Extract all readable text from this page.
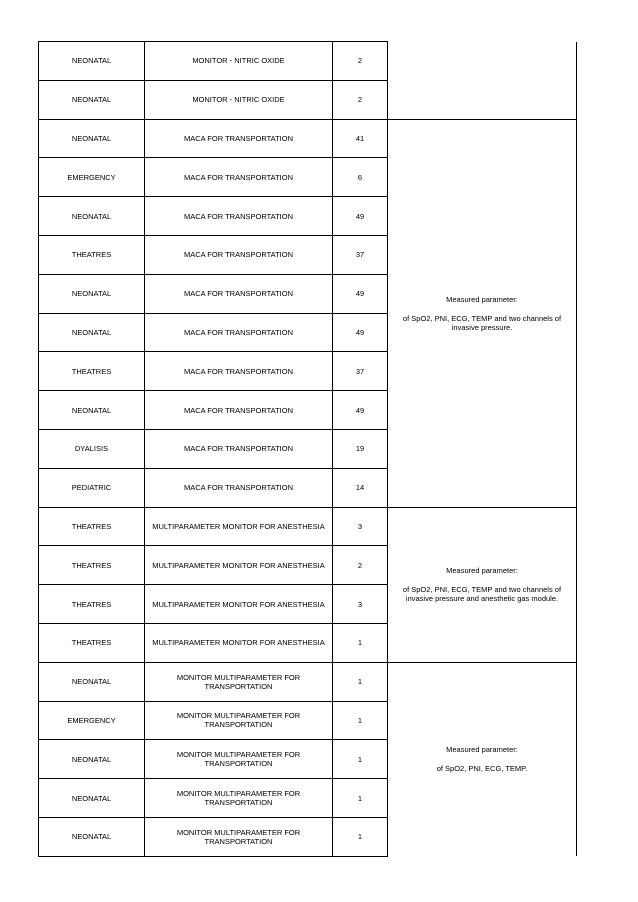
NEONATAL	MONITOR - NITRIC OXIDE	2	
NEONATAL	MONITOR - NITRIC OXIDE	2	
NEONATAL	MACA FOR TRANSPORTATION	41	Measured parameter:
of SpO2, PNI, ECG, TEMP and two channels of invasive pressure.

EMERGENCY	MACA FOR TRANSPORTATION	6	
NEONATAL	MACA FOR TRANSPORTATION	49	
THEATRES	MACA FOR TRANSPORTATION	37	
NEONATAL	MACA FOR TRANSPORTATION	49	
NEONATAL	MACA FOR TRANSPORTATION	49	
THEATRES	MACA FOR TRANSPORTATION	37	
NEONATAL	MACA FOR TRANSPORTATION	49	
DYALISIS	MACA FOR TRANSPORTATION	19	
PEDIATRIC	MACA FOR TRANSPORTATION	14	
THEATRES	MULTIPARAMETER MONITOR FOR ANESTHESIA	3	Measured parameter:
of SpO2, PNI, ECG, TEMP and two channels of invasive pressure and anesthetic gas module.

THEATRES	MULTIPARAMETER MONITOR FOR ANESTHESIA	2	
THEATRES	MULTIPARAMETER MONITOR FOR ANESTHESIA	3	
THEATRES	MULTIPARAMETER MONITOR FOR ANESTHESIA	1	
NEONATAL	MONITOR MULTIPARAMETER FOR TRANSPORTATION	1	Measured parameter:
of SpO2, PNI, ECG, TEMP.

EMERGENCY	MONITOR MULTIPARAMETER FOR TRANSPORTATION	1	
NEONATAL	MONITOR MULTIPARAMETER FOR TRANSPORTATION	1	
NEONATAL	MONITOR MULTIPARAMETER FOR TRANSPORTATION	1	
NEONATAL	MONITOR MULTIPARAMETER FOR TRANSPORTATION	1	
